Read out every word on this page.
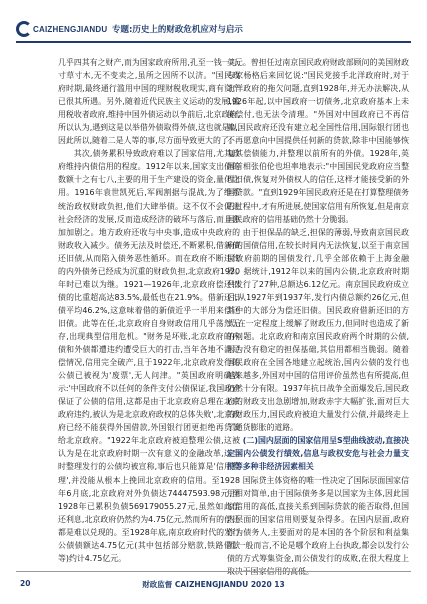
CAIZHENGJIANDU 专题:历史上的财政危机应对与启示

几乎四其有之财产,而为国家政府所用,孔至一钱一刀,寸草寸木,无不变卖之,虽所之因所不以济。"国民政府时期,最终通行滥用中国的理财税收现实,商有资产已很其所遇。另外,随着近代民族主义运动的发展,滥用税收者政府,维持中国外债运动以争前后,北京政府,所以认为,遇到这是以举借外债取得外债,这也就是以,因此所以,随着二是人等的事,尽方面导致更大的了。

其次,债务累积导致政府难以了国家信用,尤其政府维持内债信用的程度。1912年以来,国家支出债的数额十之有七八,主要的用于生产建设的资金,量化之用。1916年袁世凯死后,军阀割据与混战,为了维系统治政权财政负担,他们大肆举债。这不仅不会促进社会经济的发展,反而造成经济的破坏与落后,而且愈加加剧之。地方政府还收与中央事,造成中央政府的财政收入减少。债务无法及时偿还,不断累积,借新债还旧债,从而陷入债务恶性循环。而在政府不断违约的内外债务已经成为沉重的财政负担,北京政府1920年时已难以为继。1921—1926年,北京政府偿还旧债的比重超高达83.5%,最低也在21.9%。借新还旧债平均46.2%,这意味着借的新债近乎一半用来偿还旧债。此等在任,北京政府自身财政信用几乎荡然无存,出现典型信用危机。"财务是坏账,北京政府的内债和外债都遭违约遭受巨大的打击,当年各地不满足偿情况,信用完全破产,且于1922年,北京政府发行的公债已被视为'废票',无人问津。"英国政府明确表示:'中国政府不以任何的条件支付公债保证,我国政府保证了公债的信用,这都是由于北京政府总理在北京政府违约,被认为是北京政府政权的总体失败',北京政府已经不能获得外国借款,外国银行团更拒绝再贷款给北京政府。"1922年北京政府被迫整理公债,这被认为是在北京政府时期一次有意义的金融改革,这当时整理发行的公债均被宣称,事后也只能算是'信用整理',并没能从根本上挽回北京政府的信用。至1928年6月底,北京政府对外负债达74447593.98元,至1928年已累积负债569179055.27元,虽然如此偿还利息,北京政府仍然约为4.75亿元,然而所有的偿还都是难以兑现的。至1928年底,南京政府时代的发行公债债额达4.75亿元(其中包括部分赔款,铁路借款等)约计4.75亿元。

美元。曾担任过南京国民政府财政部顾问的美国财政专家杨格后来回忆说:"国民党接手北洋政府时,对于北洋政府的拖欠问题,直到1928年,并无办法解决,从1926年起,以中国政府一切债务,北京政府基本上未能偿付,也无法令清理。"外国对中国政府已不再信赖,国民政府还没有建立起全国性信用,国际银行团也不再愿意向中国提供任何新的贷款,除非中国能够恢复其偿债能力,并整理以前所有的外债。1928年,英国首相张伯伦也坦率地表示:"中国国民党政府应当整理旧债,恢复对外债权人的信任,这样才能接受新的外国贷款。"直到1929年国民政府还是在打算整理债务的过程中,才有所进展,使国家信用有所恢复,但是南京国民政府的信用基础仍然十分脆弱。

由于担保品的缺乏,担保的薄弱,导致南京国民政府的国债信用,在较长时间内无法恢复,以至于南京国民政府前期的国债发行,几乎全部依赖于上海金融界。据统计,1912年以来的国内公债,北京政府时期共发行了27种,总额达6.12亿元。南京国民政府成立后,从1927年到1937年,发行内债总额约26亿元,但其中的大部分为偿还旧债。国民政府借新还旧的方式,在一定程度上缓解了财政压力,但同时也造成了新的问题。北京政府和南京国民政府两个时期的公债,因为没有稳定的担保基础,其信用都相当脆弱。随着国民政府在全国各地建立起统治,国内公债的发行也越来越多,外国对中国的信用评价虽然也有所提高,但仍然十分有限。1937年抗日战争全面爆发后,国民政府的财政支出急剧增加,财政赤字大幅扩张,面对巨大的财政压力,国民政府被迫大量发行公债,并最终走上了通货膨胀的道路。

(二)国内层面的国家信用呈S型曲线波动,直接决定国内公债发行绩效,信息与政权安危与社会力量支持等多种非经济因素相关

国际贷主体资格的唯一性决定了国际层面国家信用相对简单,由于国际债务多是以国家为主体,因此国家信用的高低,直接关系到国际贷款的能否取得,但国内层面的国家信用则要复杂得多。在国内层面,政府作为债务人,主要面对的是本国的各个阶层和利益集团,一般而言,不论是哪个政府上台执政,都会以发行公债的方式筹集资金,而公债发行的成败,在很大程度上

20	财政监督 CAIZHENGJIANDU 2020 13
